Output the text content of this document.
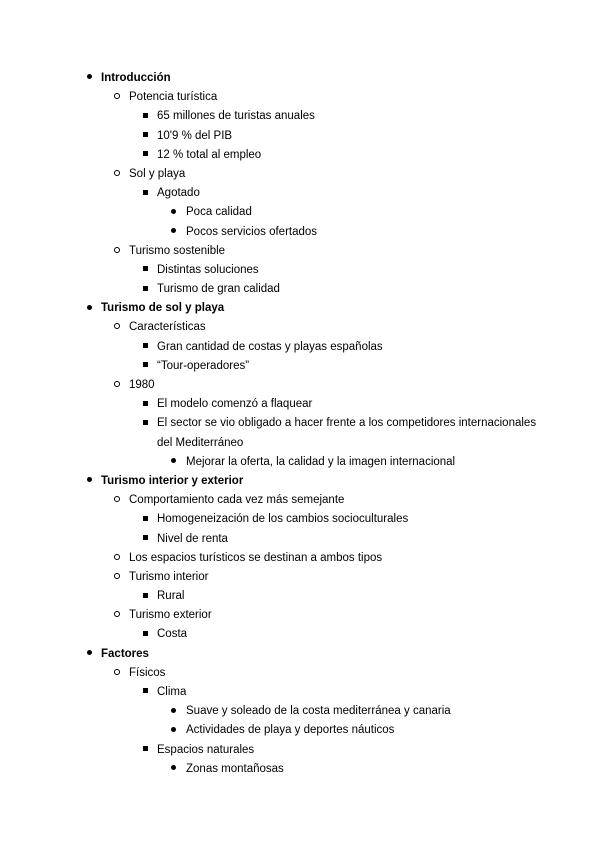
Introducción
Potencia turística
65 millones de turistas anuales
10'9 % del PIB
12 % total al empleo
Sol y playa
Agotado
Poca calidad
Pocos servicios ofertados
Turismo sostenible
Distintas soluciones
Turismo de gran calidad
Turismo de sol y playa
Características
Gran cantidad de costas y playas españolas
“Tour-operadores”
1980
El modelo comenzó a flaquear
El sector se vio obligado a hacer frente a los competidores internacionales
del Mediterráneo
Mejorar la oferta, la calidad y la imagen internacional
Turismo interior y exterior
Comportamiento cada vez más semejante
Homogeneización de los cambios socioculturales
Nivel de renta
Los espacios turísticos se destinan a ambos tipos
Turismo interior
Rural
Turismo exterior
Costa
Factores
Físicos
Clima
Suave y soleado de la costa mediterránea y canaria
Actividades de playa y deportes náuticos
Espacios naturales
Zonas montañosas
